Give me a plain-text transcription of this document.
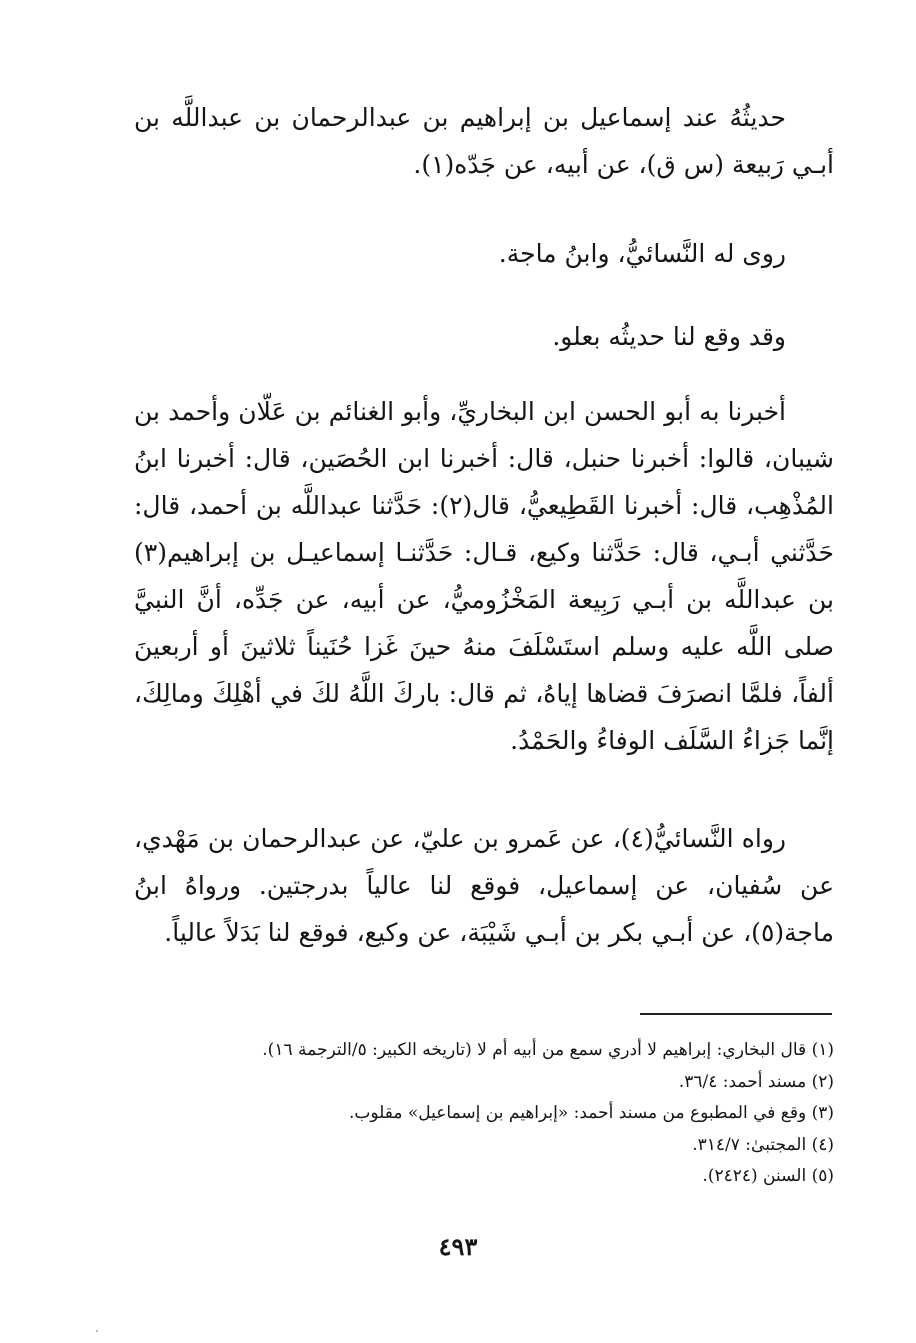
حديثُهُ عند إسماعيل بن إبراهيم بن عبدالرحمان بن عبداللَّه بن أبـي رَبيعة (س ق)، عن أبيه، عن جَدّه(١).

روى له النَّسائيُّ، وابنُ ماجة.

وقد وقع لنا حديثُه بعلو.

أخبرنا به أبو الحسن ابن البخاريِّ، وأبو الغنائم بن عَلّان وأحمد بن شيبان، قالوا: أخبرنا حنبل، قال: أخبرنا ابن الحُصَين، قال: أخبرنا ابنُ المُذْهِب، قال: أخبرنا القَطِيعيُّ، قال(٢): حَدَّثنا عبداللَّه بن أحمد، قال: حَدَّثني أبـي، قال: حَدَّثنا وكيع، قـال: حَدَّثنـا إسماعيـل بن إبراهيم(٣) بن عبداللَّه بن أبـي رَبِيعة المَخْزُوميُّ، عن أبيه، عن جَدِّه، أنَّ النبيَّ صلى اللَّه عليه وسلم استَسْلَفَ منهُ حينَ غَزا حُنَيناً ثلاثينَ أو أربعينَ ألفاً، فلمَّا انصرَفَ قضاها إياهُ، ثم قال: باركَ اللَّهُ لكَ في أهْلِكَ ومالِكَ، إنَّما جَزاءُ السَّلَف الوفاءُ والحَمْدُ.

رواه النَّسائيُّ(٤)، عن عَمرو بن عليّ، عن عبدالرحمان بن مَهْدي، عن سُفيان، عن إسماعيل، فوقع لنا عالياً بدرجتين. ورواهُ ابنُ ماجة(٥)، عن أبـي بكر بن أبـي شَيْبَة، عن وكيع، فوقع لنا بَدَلاً عالياً.

(١) قال البخاري: إبراهيم لا أدري سمع من أبيه أم لا (تاريخه الكبير: ٥/الترجمة ١٦).
(٢) مسند أحمد: ٣٦/٤.
(٣) وقع في المطبوع من مسند أحمد: «إبراهيم بن إسماعيل» مقلوب.
(٤) المجتبىٰ: ٣١٤/٧.
(٥) السنن (٢٤٢٤).
٤٩٣
